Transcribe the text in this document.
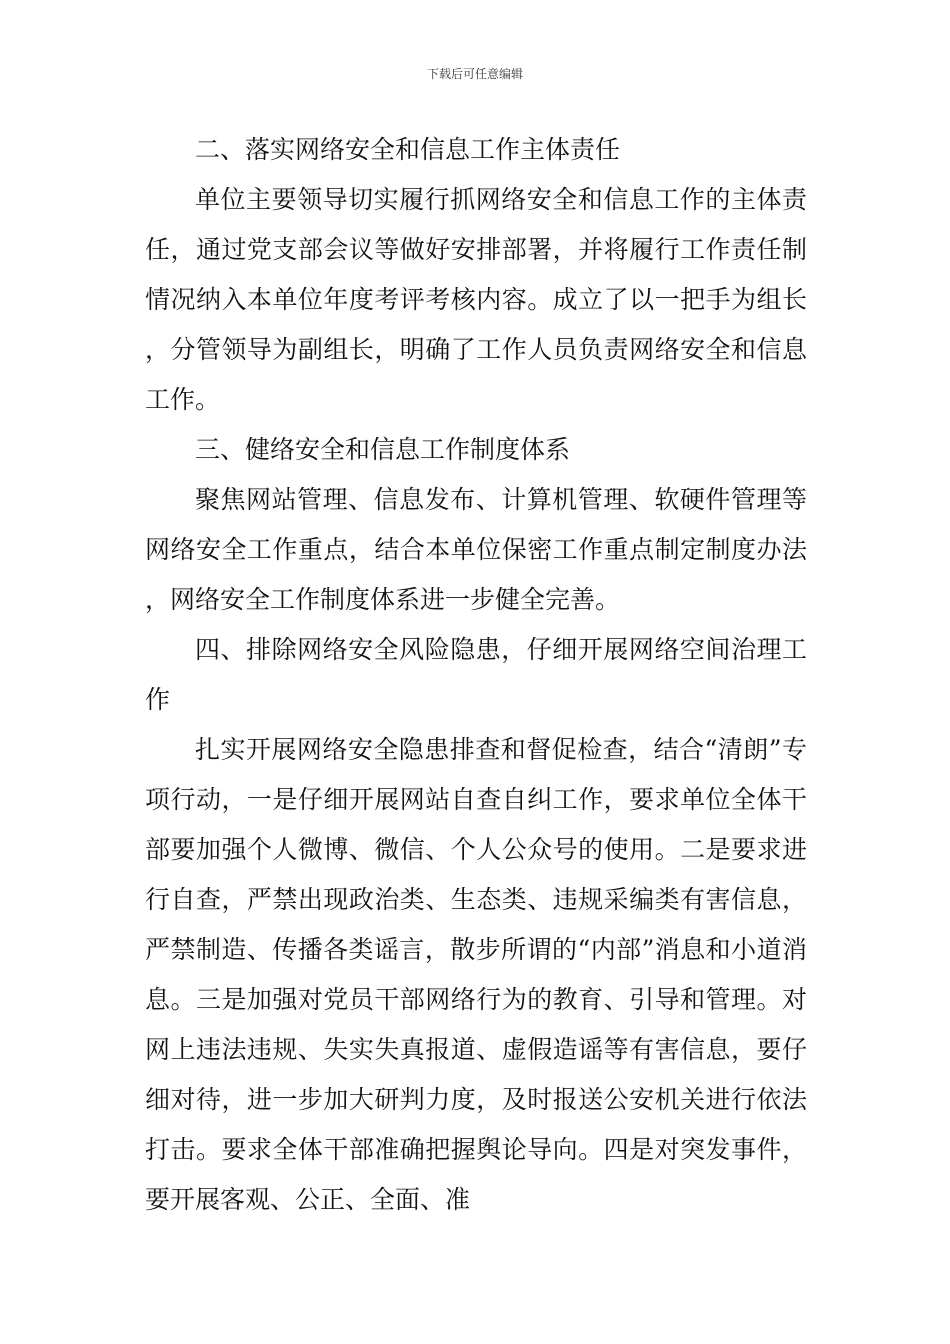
下载后可任意编辑

二、落实网络安全和信息工作主体责任

单位主要领导切实履行抓网络安全和信息工作的主体责任，通过党支部会议等做好安排部署，并将履行工作责任制情况纳入本单位年度考评考核内容。成立了以一把手为组长，分管领导为副组长，明确了工作人员负责网络安全和信息工作。

三、健络安全和信息工作制度体系

聚焦网站管理、信息发布、计算机管理、软硬件管理等网络安全工作重点，结合本单位保密工作重点制定制度办法，网络安全工作制度体系进一步健全完善。

四、排除网络安全风险隐患，仔细开展网络空间治理工作

扎实开展网络安全隐患排查和督促检查，结合“清朗”专项行动，一是仔细开展网站自查自纠工作，要求单位全体干部要加强个人微博、微信、个人公众号的使用。二是要求进行自查，严禁出现政治类、生态类、违规采编类有害信息，严禁制造、传播各类谣言，散步所谓的“内部”消息和小道消息。三是加强对党员干部网络行为的教育、引导和管理。对网上违法违规、失实失真报道、虚假造谣等有害信息，要仔细对待，进一步加大研判力度，及时报送公安机关进行依法打击。要求全体干部准确把握舆论导向。四是对突发事件，要开展客观、公正、全面、准
